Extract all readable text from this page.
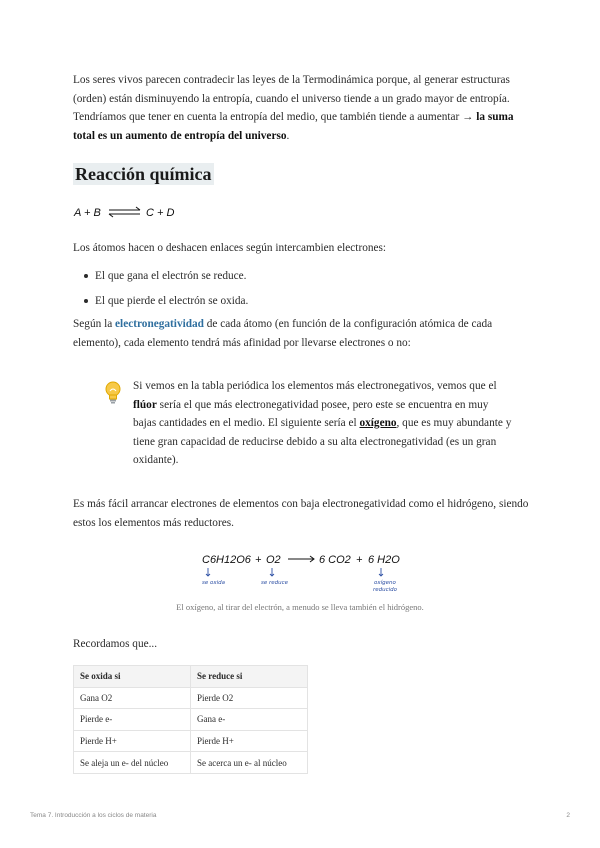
Los seres vivos parecen contradecir las leyes de la Termodinámica porque, al generar estructuras (orden) están disminuyendo la entropía, cuando el universo tiende a un grado mayor de entropía. Tendríamos que tener en cuenta la entropía del medio, que también tiende a aumentar → la suma total es un aumento de entropía del universo.

Reacción química
A + B	C + D

Los átomos hacen o deshacen enlaces según intercambien electrones:

El que gana el electrón se reduce.
El que pierde el electrón se oxida.

Según la electronegatividad de cada átomo (en función de la configuración atómica de cada elemento), cada elemento tendrá más afinidad por llevarse electrones o no:

Si vemos en la tabla periódica los elementos más electronegativos, vemos que el flúor sería el que más electronegatividad posee, pero este se encuentra en muy bajas cantidades en el medio. El siguiente sería el oxígeno, que es muy abundante y tiene gran capacidad de reducirse debido a su alta electronegatividad (es un gran oxidante).

Es más fácil arrancar electrones de elementos con baja electronegatividad como el hidrógeno, siendo estos los elementos más reductores.

C6H12O6 + O2	6 CO2 + 6 H2O
se oxida	se reduce	oxígeno
reducido
El oxígeno, al tirar del electrón, a menudo se lleva también el hidrógeno.

Recordamos que...

Se oxida si	Se reduce si
Gana O2	Pierde O2
Pierde e-	Gana e-
Pierde H+	Pierde H+
Se aleja un e- del núcleo	Se acerca un e- al núcleo
Tema 7. Introducción a los ciclos de materia	2
